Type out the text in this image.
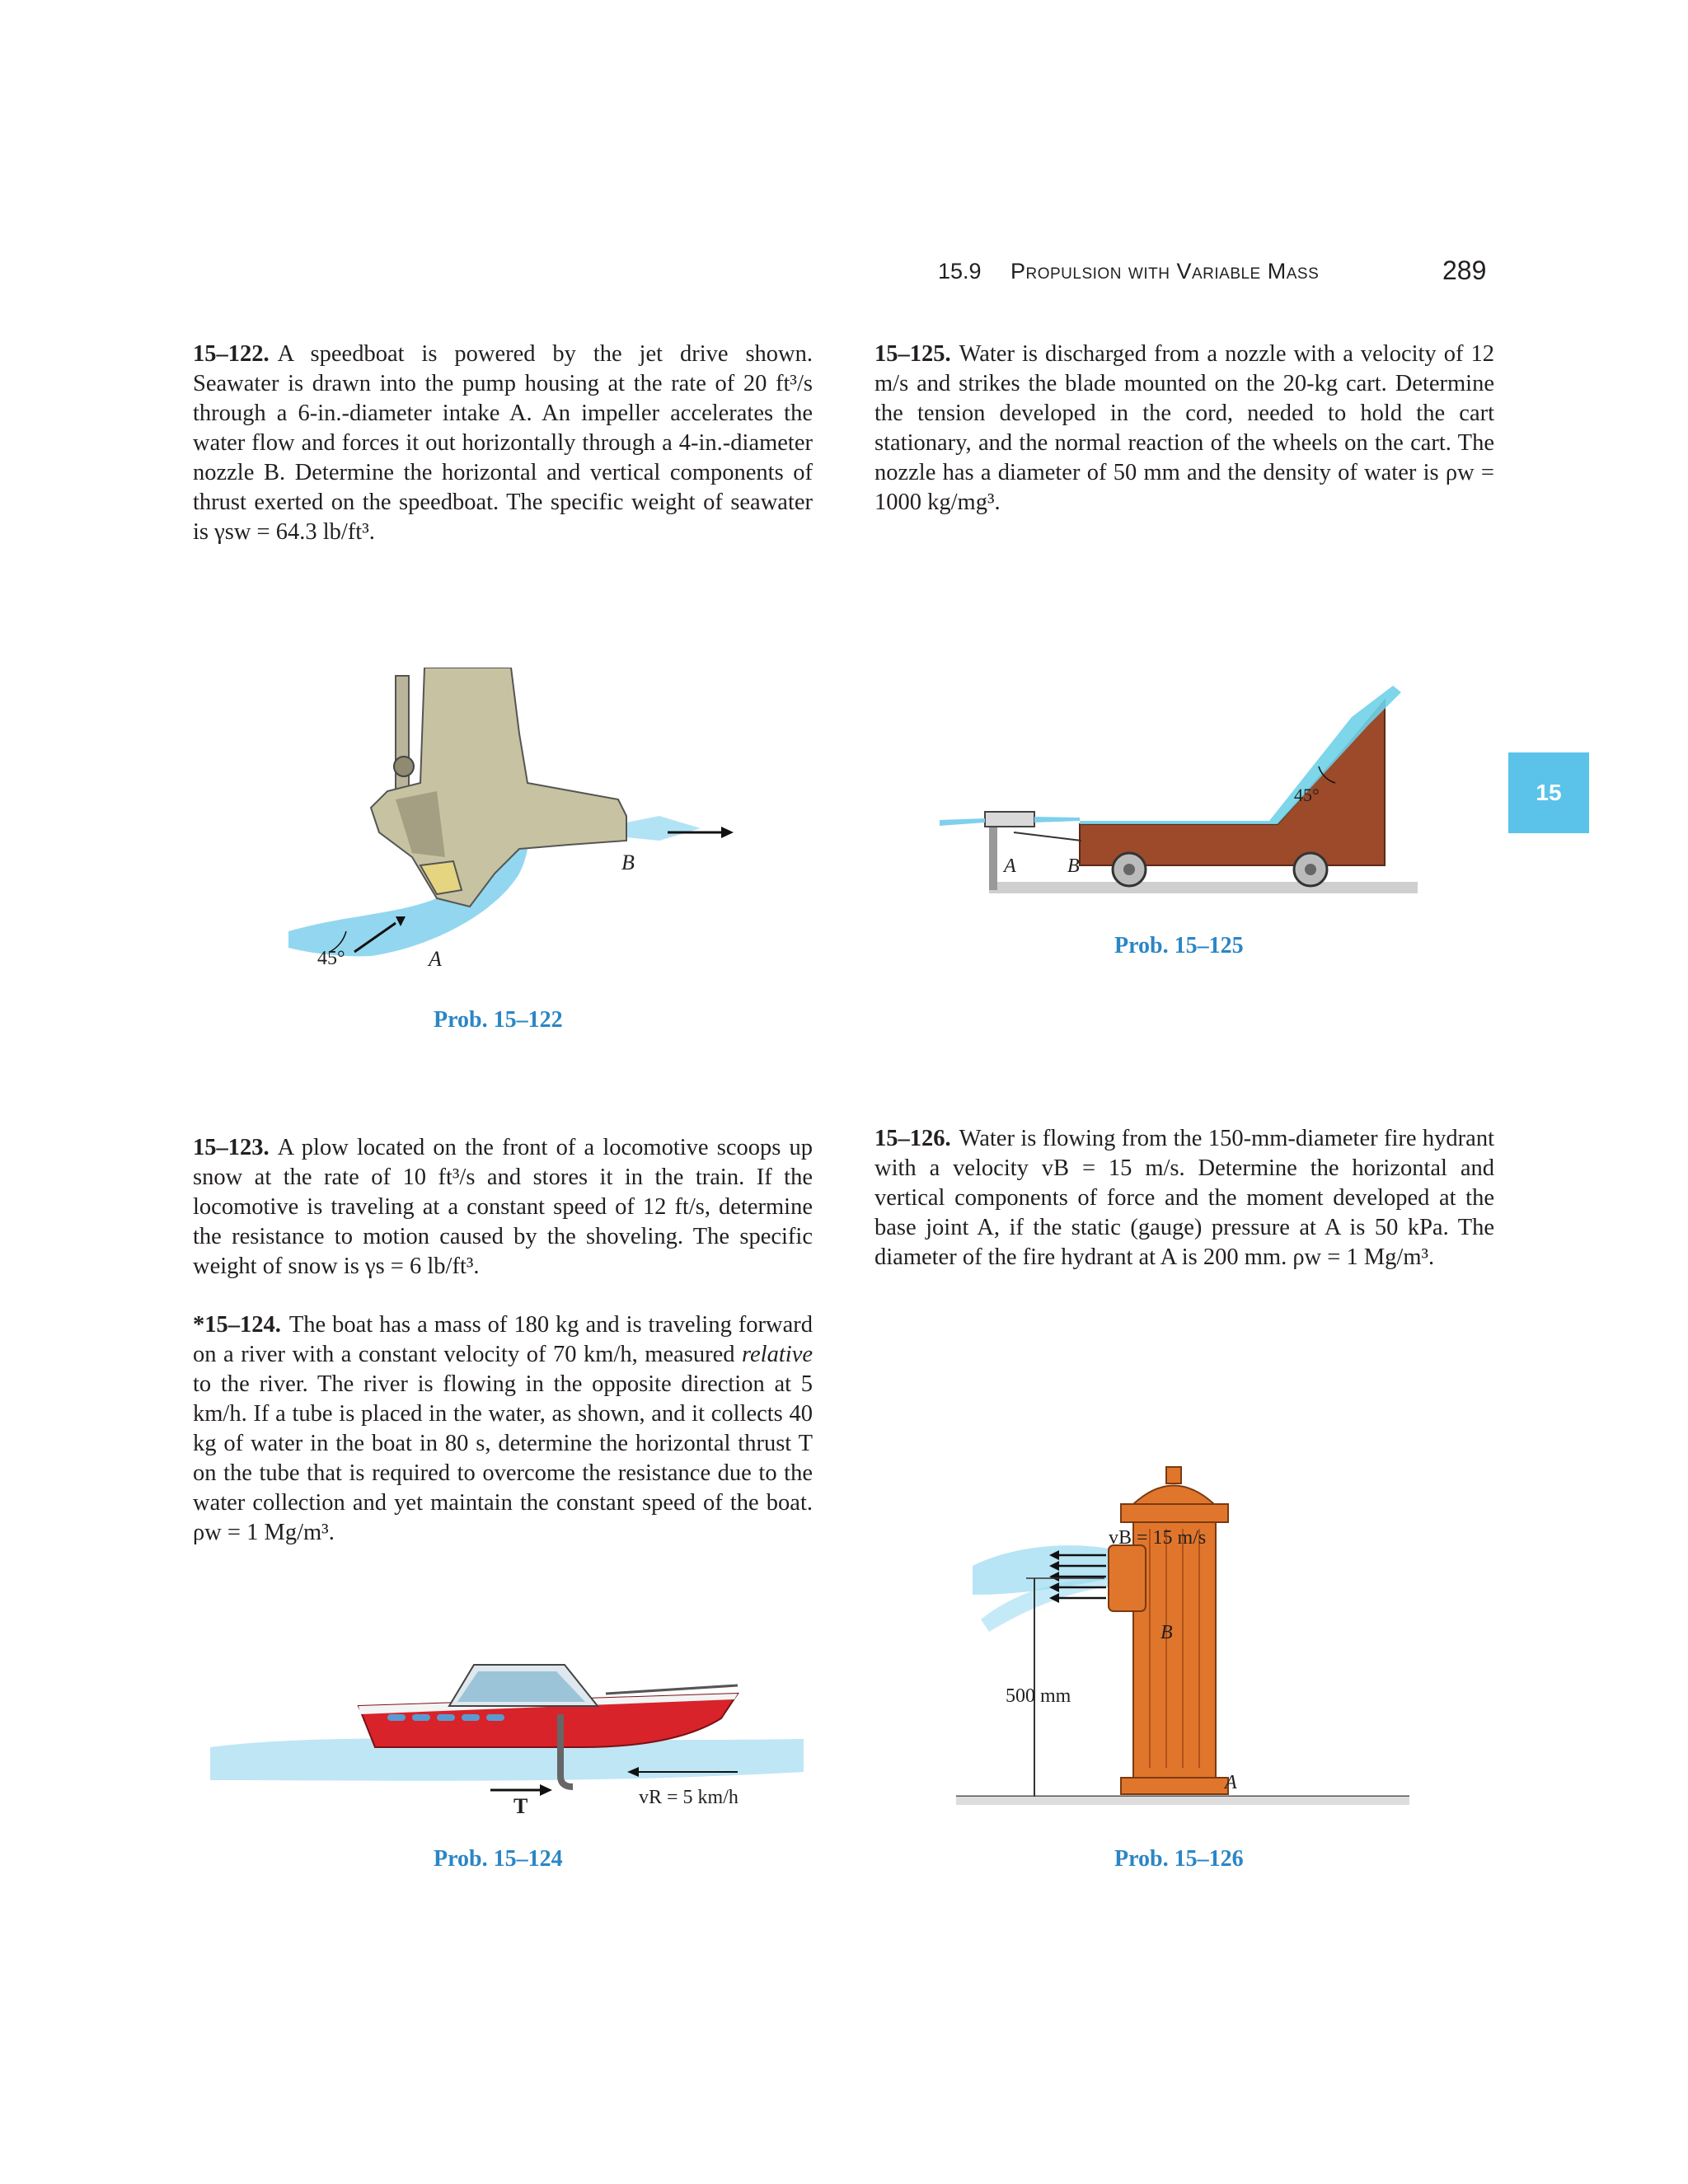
15.9 Propulsion with Variable Mass	289
15
15–122. A speedboat is powered by the jet drive shown. Seawater is drawn into the pump housing at the rate of 20 ft³/s through a 6-in.-diameter intake A. An impeller accelerates the water flow and forces it out horizontally through a 4-in.-diameter nozzle B. Determine the horizontal and vertical components of thrust exerted on the speedboat. The specific weight of seawater is γsw = 64.3 lb/ft³.
15–125. Water is discharged from a nozzle with a velocity of 12 m/s and strikes the blade mounted on the 20-kg cart. Determine the tension developed in the cord, needed to hold the cart stationary, and the normal reaction of the wheels on the cart. The nozzle has a diameter of 50 mm and the density of water is ρw = 1000 kg/mg³.
45°	A
B
Prob. 15–122
45°
A	B
Prob. 15–125
15–123. A plow located on the front of a locomotive scoops up snow at the rate of 10 ft³/s and stores it in the train. If the locomotive is traveling at a constant speed of 12 ft/s, determine the resistance to motion caused by the shoveling. The specific weight of snow is γs = 6 lb/ft³.
*15–124. The boat has a mass of 180 kg and is traveling forward on a river with a constant velocity of 70 km/h, measured relative to the river. The river is flowing in the opposite direction at 5 km/h. If a tube is placed in the water, as shown, and it collects 40 kg of water in the boat in 80 s, determine the horizontal thrust T on the tube that is required to overcome the resistance due to the water collection and yet maintain the constant speed of the boat. ρw = 1 Mg/m³.
15–126. Water is flowing from the 150-mm-diameter fire hydrant with a velocity vB = 15 m/s. Determine the horizontal and vertical components of force and the moment developed at the base joint A, if the static (gauge) pressure at A is 50 kPa. The diameter of the fire hydrant at A is 200 mm. ρw = 1 Mg/m³.
T	vR = 5 km/h
Prob. 15–124
500 mm
vB = 15 m/s
B
A
Prob. 15–126
